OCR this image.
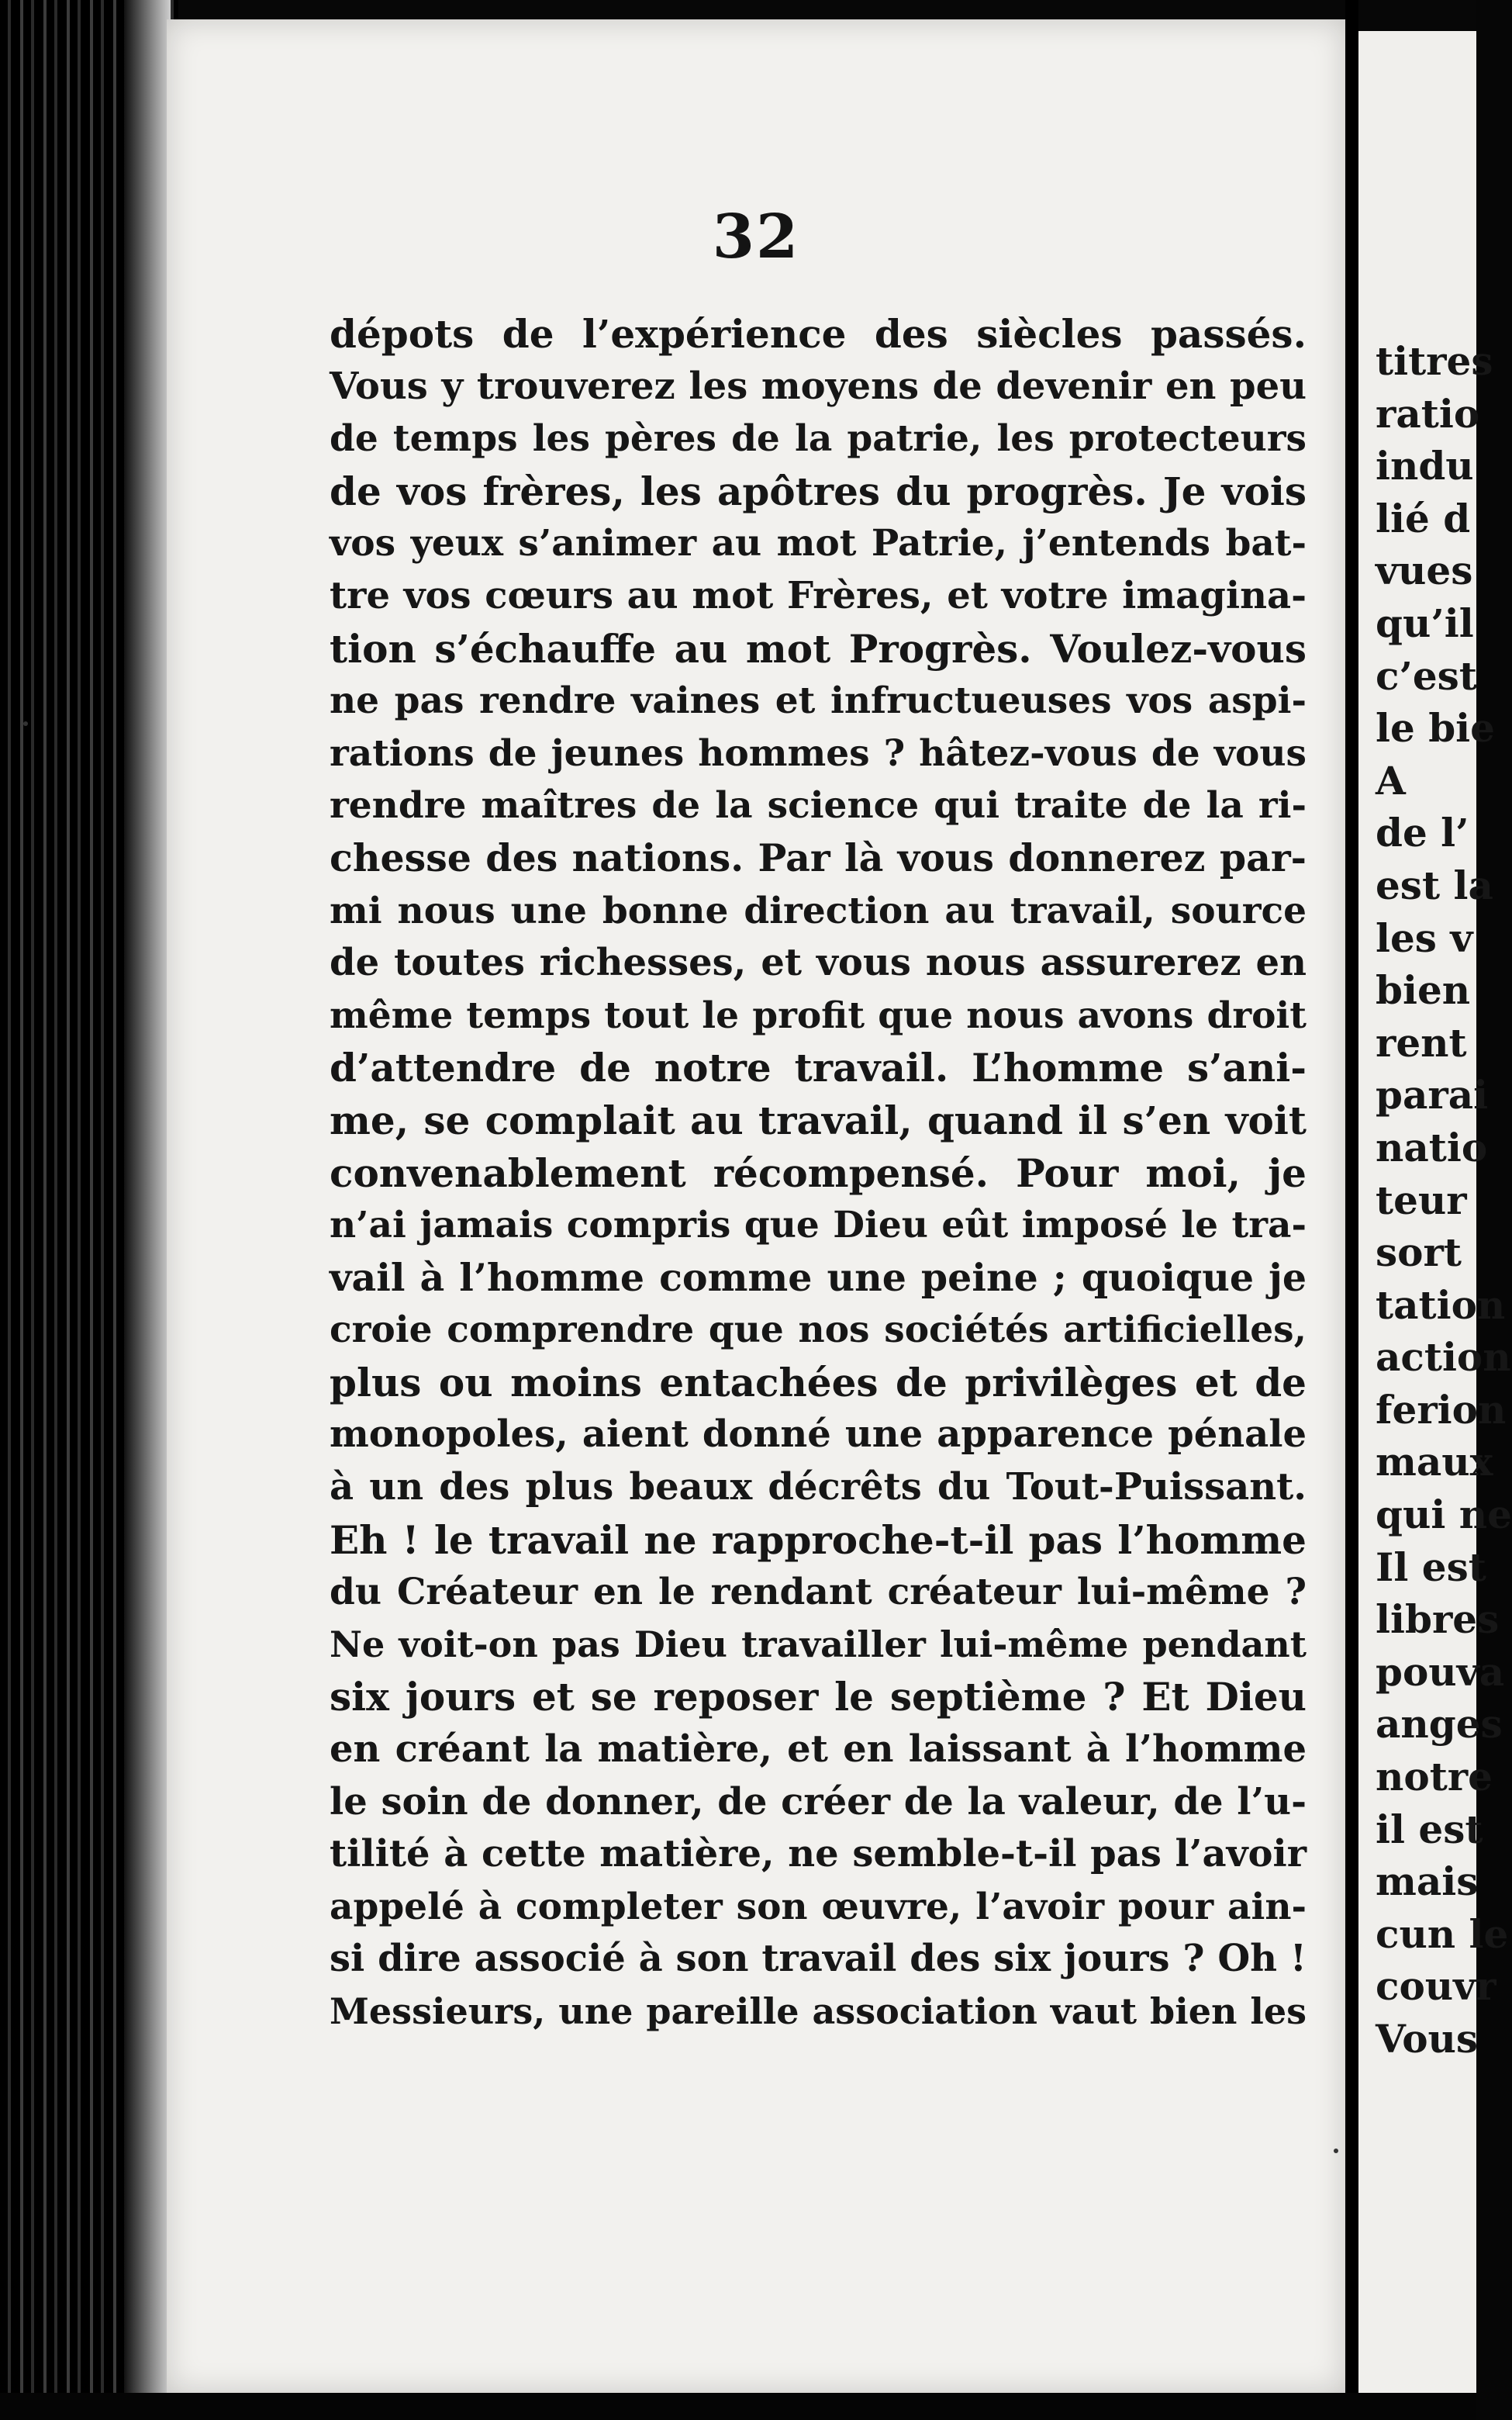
32
dépots de l’expérience des siècles passés.
Vous y trouverez les moyens de devenir en peu
de temps les pères de la patrie, les protecteurs
de vos frères, les apôtres du progrès. Je vois
vos yeux s’animer au mot Patrie, j’entends bat-
tre vos cœurs au mot Frères, et votre imagina-
tion s’échauffe au mot Progrès. Voulez-vous
ne pas rendre vaines et infructueuses vos aspi-
rations de jeunes hommes ? hâtez-vous de vous
rendre maîtres de la science qui traite de la ri-
chesse des nations. Par là vous donnerez par-
mi nous une bonne direction au travail, source
de toutes richesses, et vous nous assurerez en
même temps tout le profit que nous avons droit
d’attendre de notre travail. L’homme s’ani-
me, se complait au travail, quand il s’en voit
convenablement récompensé. Pour moi, je
n’ai jamais compris que Dieu eût imposé le tra-
vail à l’homme comme une peine ; quoique je
croie comprendre que nos sociétés artificielles,
plus ou moins entachées de privilèges et de
monopoles, aient donné une apparence pénale
à un des plus beaux décrêts du Tout-Puissant.
Eh ! le travail ne rapproche-t-il pas l’homme
du Créateur en le rendant créateur lui-même ?
Ne voit-on pas Dieu travailler lui-même pendant
six jours et se reposer le septième ? Et Dieu
en créant la matière, et en laissant à l’homme
le soin de donner, de créer de la valeur, de l’u-
tilité à cette matière, ne semble-t-il pas l’avoir
appelé à completer son œuvre, l’avoir pour ain-
si dire associé à son travail des six jours ? Oh !
Messieurs, une pareille association vaut bien les
titres
ratio
indu
lié d
vues
qu’il
c’est
le bie
A
de l’
est la
les v
bien
rent
parai
natio
teur
sort
tation
action
ferion
maux
qui ne
Il est
libres
pouva
anges
notre
il est
mais
cun le
couvr
Vous
